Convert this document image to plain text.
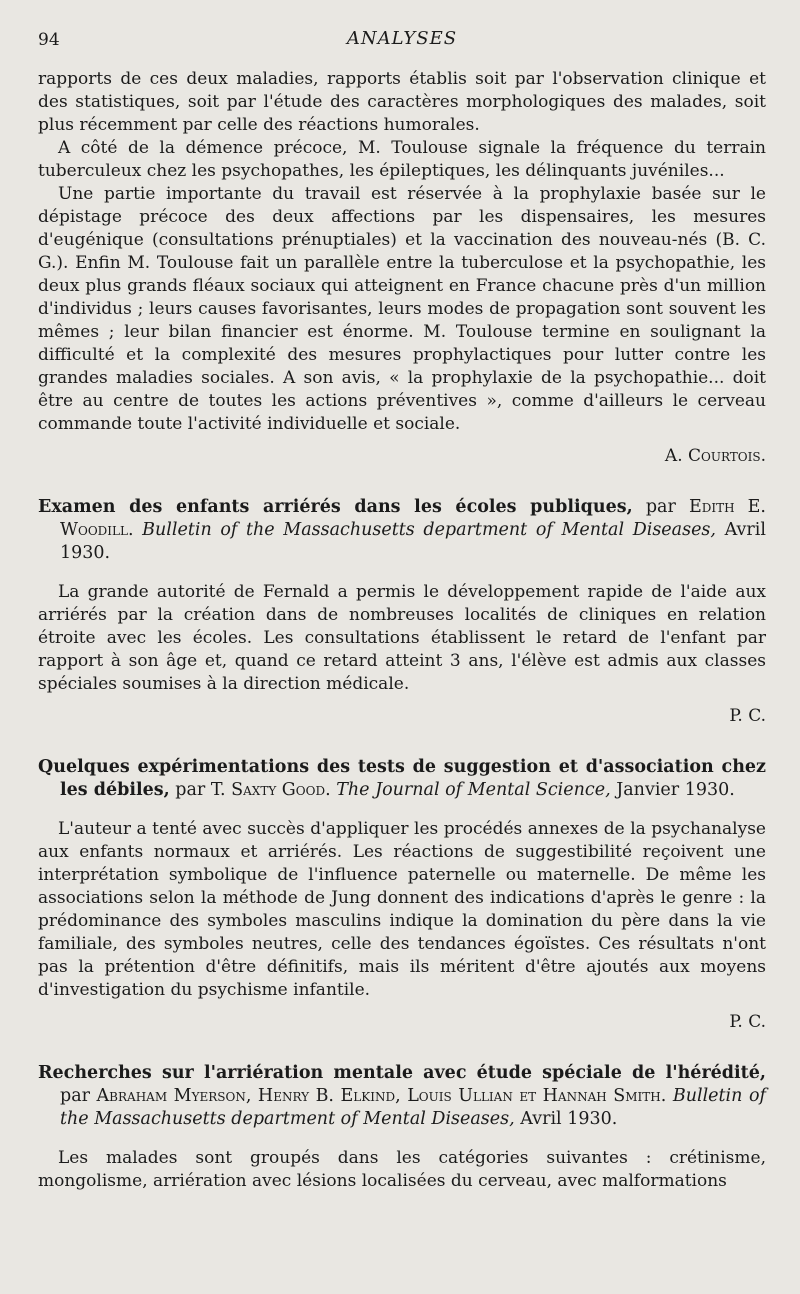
94	ANALYSES

rapports de ces deux maladies, rapports établis soit par l'observation clinique et des statistiques, soit par l'étude des caractères morphologiques des malades, soit plus récemment par celle des réactions humorales.

A côté de la démence précoce, M. Toulouse signale la fréquence du terrain tuberculeux chez les psychopathes, les épileptiques, les délinquants juvéniles...

Une partie importante du travail est réservée à la prophylaxie basée sur le dépistage précoce des deux affections par les dispensaires, les mesures d'eugénique (consultations prénuptiales) et la vaccination des nouveau-nés (B. C. G.). Enfin M. Toulouse fait un parallèle entre la tuberculose et la psychopathie, les deux plus grands fléaux sociaux qui atteignent en France chacune près d'un million d'individus ; leurs causes favorisantes, leurs modes de propagation sont souvent les mêmes ; leur bilan financier est énorme. M. Toulouse termine en soulignant la difficulté et la complexité des mesures prophylactiques pour lutter contre les grandes maladies sociales. A son avis, « la prophylaxie de la psychopathie... doit être au centre de toutes les actions préventives », comme d'ailleurs le cerveau commande toute l'activité individuelle et sociale.

A. Courtois.
Examen des enfants arriérés dans les écoles publiques, par Edith E. Woodill. Bulletin of the Massachusetts department of Mental Diseases, Avril 1930.

La grande autorité de Fernald a permis le développement rapide de l'aide aux arriérés par la création dans de nombreuses localités de cliniques en relation étroite avec les écoles. Les consultations établissent le retard de l'enfant par rapport à son âge et, quand ce retard atteint 3 ans, l'élève est admis aux classes spéciales soumises à la direction médicale.

P. C.
Quelques expérimentations des tests de suggestion et d'association chez les débiles, par T. Saxty Good. The Journal of Mental Science, Janvier 1930.

L'auteur a tenté avec succès d'appliquer les procédés annexes de la psychanalyse aux enfants normaux et arriérés. Les réactions de suggestibilité reçoivent une interprétation symbolique de l'influence paternelle ou maternelle. De même les associations selon la méthode de Jung donnent des indications d'après le genre : la prédominance des symboles masculins indique la domination du père dans la vie familiale, des symboles neutres, celle des tendances égoïstes. Ces résultats n'ont pas la prétention d'être définitifs, mais ils méritent d'être ajoutés aux moyens d'investigation du psychisme infantile.

P. C.
Recherches sur l'arriération mentale avec étude spéciale de l'hérédité, par Abraham Myerson, Henry B. Elkind, Louis Ullian et Hannah Smith. Bulletin of the Massachusetts department of Mental Diseases, Avril 1930.

Les malades sont groupés dans les catégories suivantes : crétinisme, mongolisme, arriération avec lésions localisées du cerveau, avec malformations
